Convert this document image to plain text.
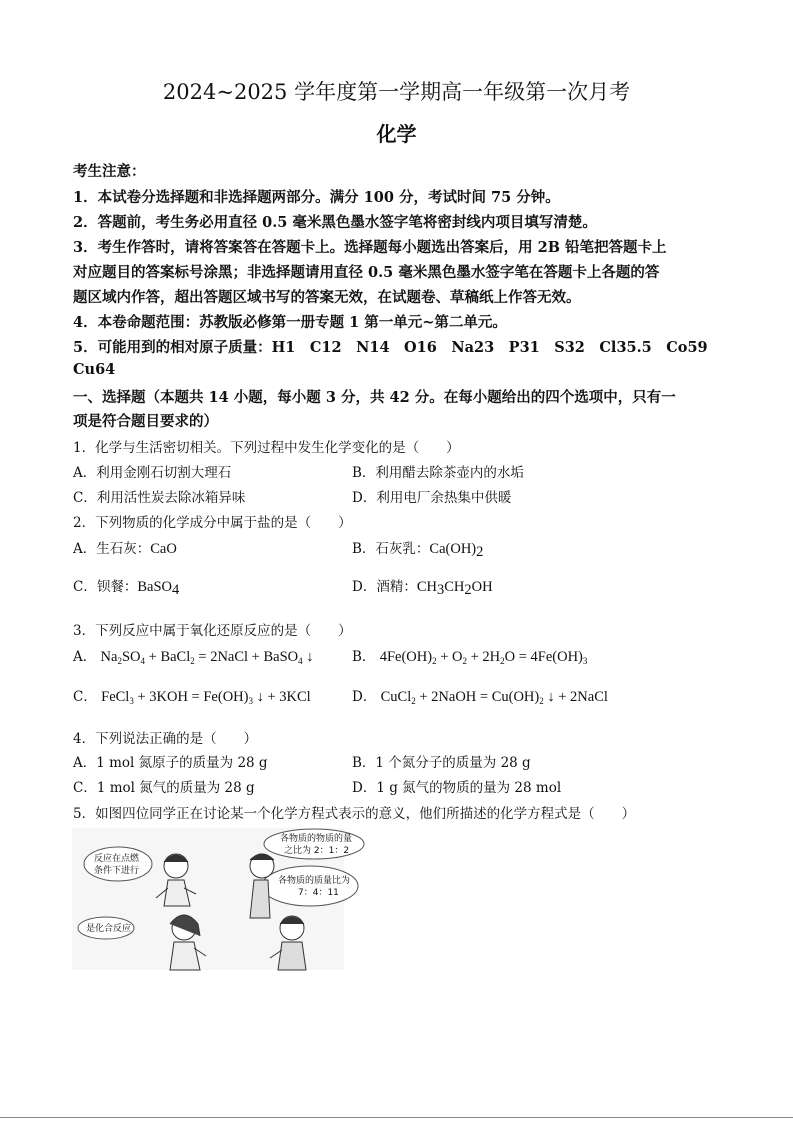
2024~2025 学年度第一学期高一年级第一次月考
化学
考生注意：
1．本试卷分选择题和非选择题两部分。满分 100 分，考试时间 75 分钟。
2．答题前，考生务必用直径 0.5 毫米黑色墨水签字笔将密封线内项目填写清楚。
3．考生作答时，请将答案答在答题卡上。选择题每小题选出答案后，用 2B 铅笔把答题卡上
对应题目的答案标号涂黑；非选择题请用直径 0.5 毫米黑色墨水签字笔在答题卡上各题的答
题区域内作答，超出答题区域书写的答案无效，在试题卷、草稿纸上作答无效。
4．本卷命题范围：苏教版必修第一册专题 1 第一单元~第二单元。
5．可能用到的相对原子质量：H1　C12　N14　O16　Na23　P31　S32　Cl35.5　Co59
Cu64
一、选择题（本题共 14 小题，每小题 3 分，共 42 分。在每小题给出的四个选项中，只有一
项是符合题目要求的）
1．化学与生活密切相关。下列过程中发生化学变化的是（　　）
A．利用金刚石切割大理石	B．利用醋去除茶壶内的水垢
C．利用活性炭去除冰箱异味	D．利用电厂余热集中供暖
2．下列物质的化学成分中属于盐的是（　　）
A．生石灰：CaO	B．石灰乳：$Ca(OH)_2$
C．钡餐：BaSO$_4$	D．酒精：$CH_3CH_2OH$
3．下列反应中属于氧化还原反应的是（　　）
A． $Na_2SO_4$ + BaCl$_2$ = 2NaCl + BaSO$_4$ ↓	B． $4Fe(OH)_2 + O_2 + 2H_2O = 4Fe(OH)_3$
C． FeCl$_3$ + $3KOH = Fe(OH)_3$ ↓ + 3KCl	D． CuCl$_2$ + 2NaOH = $Cu(OH)_2$ ↓ + 2NaCl
4．下列说法正确的是（　　）
A．1 mol 氮原子的质量为 28 g	B．1 个氮分子的质量为 28 g
C．1 mol 氮气的质量为 28 g	D．1 g 氮气的物质的量为 28 mol
5．如图四位同学正在讨论某一个化学方程式表示的意义，他们所描述的化学方程式是（　　）
反应在点燃
条件下进行
各物质的物质的量
之比为 2：1：2
各物质的质量比为
7：4：11
是化合反应
